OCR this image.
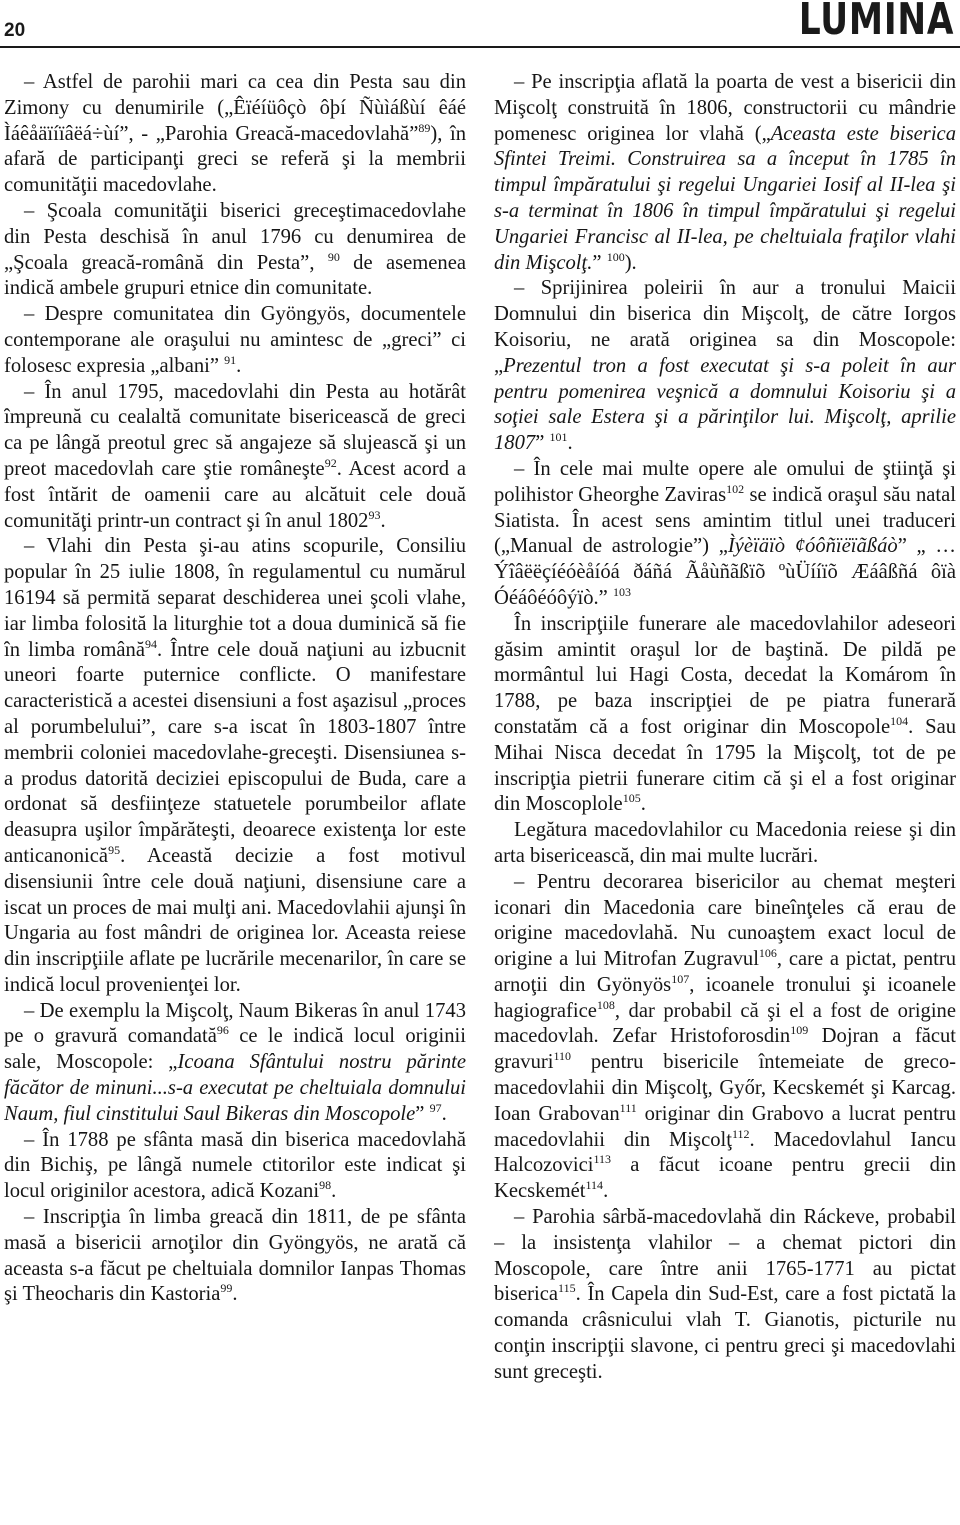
20	LUMINA

– Astfel de parohii mari ca cea din Pesta sau din Zimony cu denumirile („Êïéíüôçò ôþí Ñùìáßùí êáé Ìáêåäïíïâëá÷ùí”, - „Parohia Greacă-macedovlahă”$^{89}$), în afară de participanţi greci se referă şi la membrii comunităţii macedovlahe.

– Şcoala comunităţii biserici greceştimacedovlahe din Pesta deschisă în anul 1796 cu denumirea de „Şcoala greacă-română din Pesta”, $^{90}$ de asemenea indică ambele grupuri etnice din comunitate.

– Despre comunitatea din Gyöngyös, documentele contemporane ale oraşului nu amintesc de „greci” ci folosesc expresia „albani” $^{91}$.

– În anul 1795, macedovlahi din Pesta au hotărât împreună cu cealaltă comunitate bisericească de greci ca pe lângă preotul grec să angajeze să slujească şi un preot macedovlah care ştie româneşte$^{92}$. Acest acord a fost întărit de oamenii care au alcătuit cele două comunităţi printr-un contract şi în anul 1802$^{93}$.

– Vlahi din Pesta şi-au atins scopurile, Consiliu popular în 25 iulie 1808, în regulamentul cu numărul 16194 să permită separat deschiderea unei şcoli vlahe, iar limba folosită la liturghie tot a doua duminică să fie în limba română$^{94}$. Între cele două naţiuni au izbucnit uneori foarte puternice conflicte. O manifestare caracteristică a acestei disensiuni a fost aşazisul „proces al porumbelului”, care s-a iscat în 1803-1807 între membrii coloniei macedovlahe-greceşti. Disensiunea s-a produs datorită deciziei episcopului de Buda, care a ordonat să desfiinţeze statuetele porumbeilor aflate deasupra uşilor împărăteşti, deoarece existenţa lor este anticanonică$^{95}$. Această decizie a fost motivul disensiunii între cele două naţiuni, disensiune care a iscat un proces de mai mulţi ani. Macedovlahii ajunşi în Ungaria au fost mândri de originea lor. Aceasta reiese din inscripţiile aflate pe lucrările mecenarilor, în care se indică locul provenienţei lor.

– De exemplu la Mişcolţ, Naum Bikeras în anul 1743 pe o gravură comandată$^{96}$ ce le indică locul originii sale, Moscopole: „Icoana Sfântului nostru părinte făcător de minuni...s-a executat pe cheltuiala domnului Naum, fiul cinstitului Saul Bikeras din Moscopole” $^{97}$.

– În 1788 pe sfânta masă din biserica macedovlahă din Bichiş, pe lângă numele ctitorilor este indicat şi locul originilor acestora, adică Kozani$^{98}$.

– Inscripţia în limba greacă din 1811, de pe sfânta masă a bisericii arnoţilor din Gyöngyös, ne arată că aceasta s-a făcut pe cheltuiala domnilor Ianpas Thomas şi Theocharis din Kastoria$^{99}$.

– Pe inscripţia aflată la poarta de vest a bisericii din Mişcolţ construită în 1806, constructorii cu mândrie pomenesc originea lor vlahă („Aceasta este biserica Sfintei Treimi. Construirea sa a început în 1785 în timpul împăratului şi regelui Ungariei Iosif al II-lea şi s-a terminat în 1806 în timpul împăratului şi regelui Ungariei Francisc al II-lea, pe cheltuiala fraţilor vlahi din Mişcolţ.” $^{100}$).

– Sprijinirea poleirii în aur a tronului Maicii Domnului din biserica din Mişcolţ, de către Iorgos Koisoriu, ne arată originea sa din Moscopole: „Prezentul tron a fost executat şi s-a poleit în aur pentru pomenirea veşnică a domnului Koisoriu şi a soţiei sale Estera şi a părinţilor lui. Mişcolţ, aprilie 1807” $^{101}$.

– În cele mai multe opere ale omului de ştiinţă şi polihistor Gheorghe Zaviras$^{102}$ se indică oraşul său natal Siatista. În acest sens amintim titlul unei traduceri („Manual de astrologie”) „Ìýèïäïò ¢óôñïëïãßáò” „ …Ýîâëëçíéóèåíóá ðáñá Ãåùñãßïõ ºùÜííïõ Æáâßñá ôïà Óéáôéóôýïò.” $^{103}$

În inscripţiile funerare ale macedovlahilor adeseori găsim amintit oraşul lor de baştină. De pildă pe mormântul lui Hagi Costa, decedat la Komárom în 1788, pe baza inscripţiei de pe piatra funerară constatăm că a fost originar din Moscopole$^{104}$. Sau Mihai Nisca decedat în 1795 la Mişcolţ, tot de pe inscripţia pietrii funerare citim că şi el a fost originar din Moscoplole$^{105}$.

Legătura macedovlahilor cu Macedonia reiese şi din arta bisericească, din mai multe lucrări.

– Pentru decorarea bisericilor au chemat meşteri iconari din Macedonia care bineînţeles că erau de origine macedovlahă. Nu cunoaştem exact locul de origine a lui Mitrofan Zugravul$^{106}$, care a pictat, pentru arnoţii din Gyönyös$^{107}$, icoanele tronului şi icoanele hagiografice$^{108}$, dar probabil că şi el a fost de origine macedovlah. Zefar Hristoforosdin$^{109}$ Dojran a făcut gravuri$^{110}$ pentru bisericile întemeiate de greco-macedovlahii din Mişcolţ, Győr, Kecskemét şi Karcag. Ioan Grabovan$^{111}$ originar din Grabovo a lucrat pentru macedovlahii din Mişcolţ$^{112}$. Macedovlahul Iancu Halcozovici$^{113}$ a făcut icoane pentru grecii din Kecskemét$^{114}$.

– Parohia sârbă-macedovlahă din Ráckeve, probabil – la insistenţa vlahilor – a chemat pictori din Moscopole, care între anii 1765-1771 au pictat biserica$^{115}$. În Capela din Sud-Est, care a fost pictată la comanda crâsnicului vlah T. Gianotis, picturile nu conţin inscripţii slavone, ci pentru greci şi macedovlahi sunt greceşti.
